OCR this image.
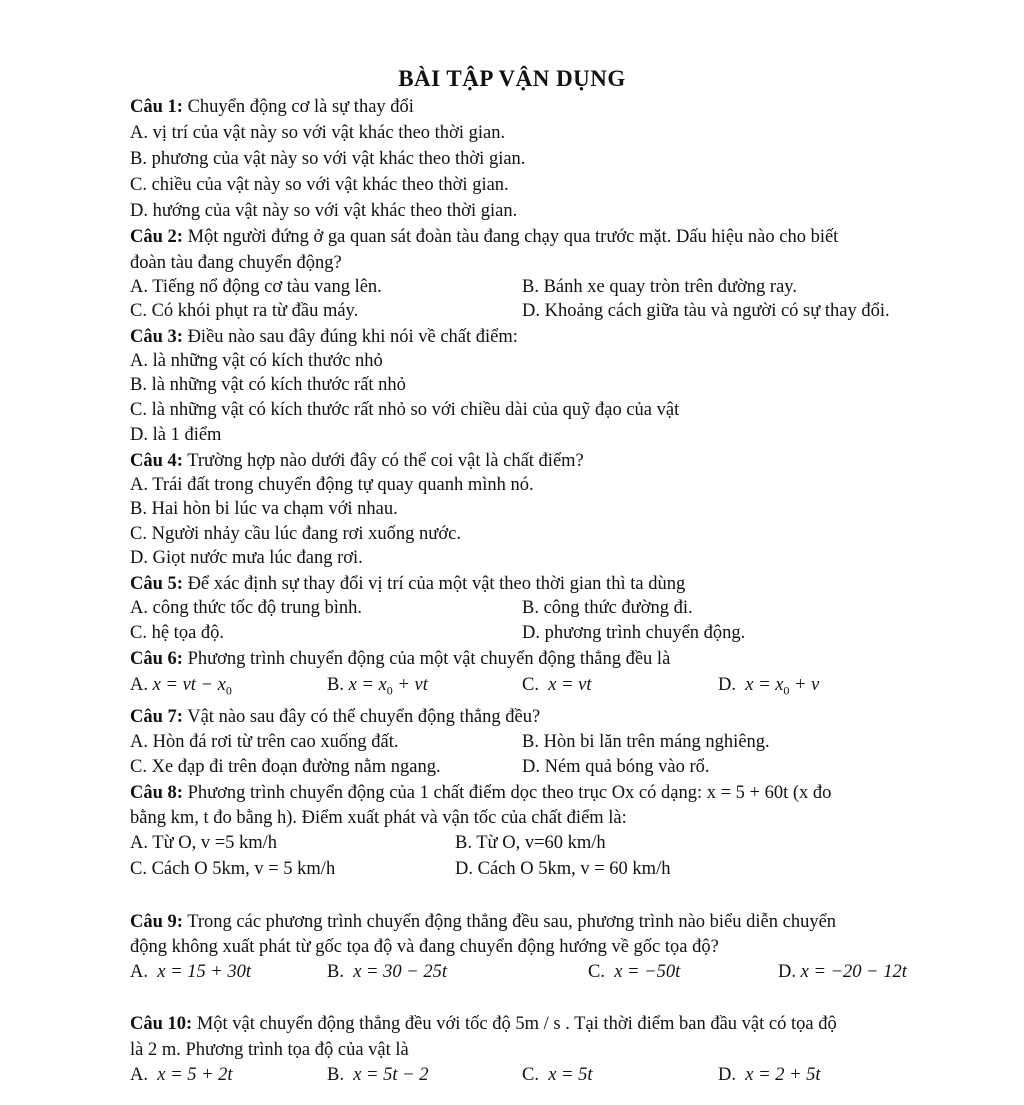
BÀI TẬP VẬN DỤNG
Câu 1: Chuyển động cơ là sự thay đổi
A. vị trí của vật này so với vật khác theo thời gian.
B. phương của vật này so với vật khác theo thời gian.
C. chiều của vật này so với vật khác theo thời gian.
D. hướng của vật này so với vật khác theo thời gian.
Câu 2: Một người đứng ở ga quan sát đoàn tàu đang chạy qua trước mặt. Dấu hiệu nào cho biết
đoàn tàu đang chuyển động?
A. Tiếng nổ động cơ tàu vang lên.	B. Bánh xe quay tròn trên đường ray.
C. Có khói phụt ra từ đầu máy.	D. Khoảng cách giữa tàu và người có sự thay đổi.
Câu 3: Điều nào sau đây đúng khi nói về chất điểm:
A. là những vật có kích thước nhỏ
B. là những vật có kích thước rất nhỏ
C. là những vật có kích thước rất nhỏ so với chiều dài của quỹ đạo của vật
D. là 1 điểm
Câu 4: Trường hợp nào dưới đây có thể coi vật là chất điểm?
A. Trái đất trong chuyển động tự quay quanh mình nó.
B. Hai hòn bi lúc va chạm với nhau.
C. Người nhảy cầu lúc đang rơi xuống nước.
D. Giọt nước mưa lúc đang rơi.
Câu 5: Để xác định sự thay đổi vị trí của một vật theo thời gian thì ta dùng
A. công thức tốc độ trung bình.	B. công thức đường đi.
C. hệ tọa độ.	D. phương trình chuyển động.
Câu 6: Phương trình chuyển động của một vật chuyển động thẳng đều là
A. x = vt − $x_0$	B. $x = x_0$ + vt	C. x = vt	D. $x = x_0 + v$
Câu 7: Vật nào sau đây có thể chuyển động thẳng đều?
A. Hòn đá rơi từ trên cao xuống đất.	B. Hòn bi lăn trên máng nghiêng.
C. Xe đạp đi trên đoạn đường nằm ngang.	D. Ném quả bóng vào rổ.
Câu 8: Phương trình chuyển động của 1 chất điểm dọc theo trục Ox có dạng: x = 5 + 60t (x đo
bằng km, t đo bằng h). Điểm xuất phát và vận tốc của chất điểm là:
A. Từ O, v =5 km/h	B. Từ O, v=60 km/h
C. Cách O 5km, v = 5 km/h	D. Cách O 5km, v = 60 km/h
Câu 9: Trong các phương trình chuyển động thẳng đều sau, phương trình nào biểu diễn chuyển
động không xuất phát từ gốc tọa độ và đang chuyển động hướng về gốc tọa độ?
A. x = 15 + 30t	B. x = 30 − 25t	C. x = −50t	D. x = −20 − 12t
Câu 10: Một vật chuyển động thẳng đều với tốc độ 5m / s . Tại thời điểm ban đầu vật có tọa độ
là 2 m. Phương trình tọa độ của vật là
A. x = 5 + 2t	B. x = 5t − 2	C. x = 5t	D. x = 2 + 5t
